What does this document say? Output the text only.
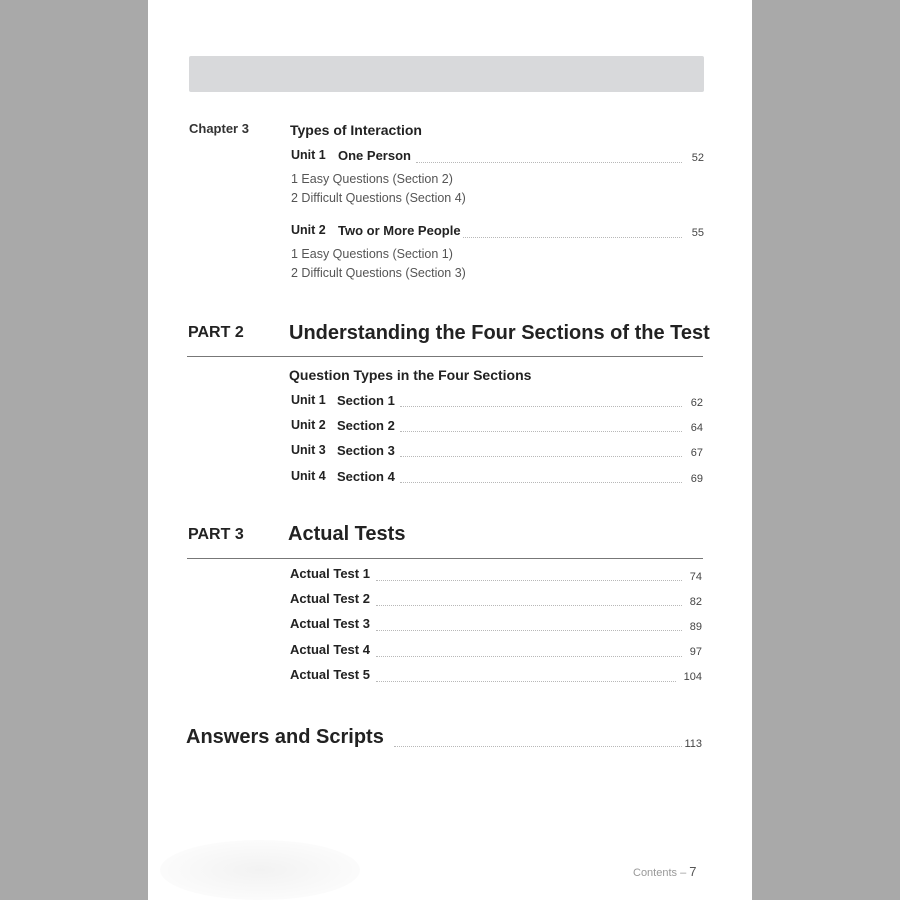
Chapter 3	Types of Interaction
Unit 1 One Person	52
1 Easy Questions (Section 2)
2 Difficult Questions (Section 4)
Unit 2 Two or More People	55
1 Easy Questions (Section 1)
2 Difficult Questions (Section 3)
PART 2 Understanding the Four Sections of the Test
Question Types in the Four Sections
Unit 1 Section 1	62
Unit 2 Section 2	64
Unit 3 Section 3	67
Unit 4 Section 4	69
PART 3 Actual Tests
Actual Test 1	74
Actual Test 2	82
Actual Test 3	89
Actual Test 4	97
Actual Test 5	104
Answers and Scripts	113
Contents – 7
